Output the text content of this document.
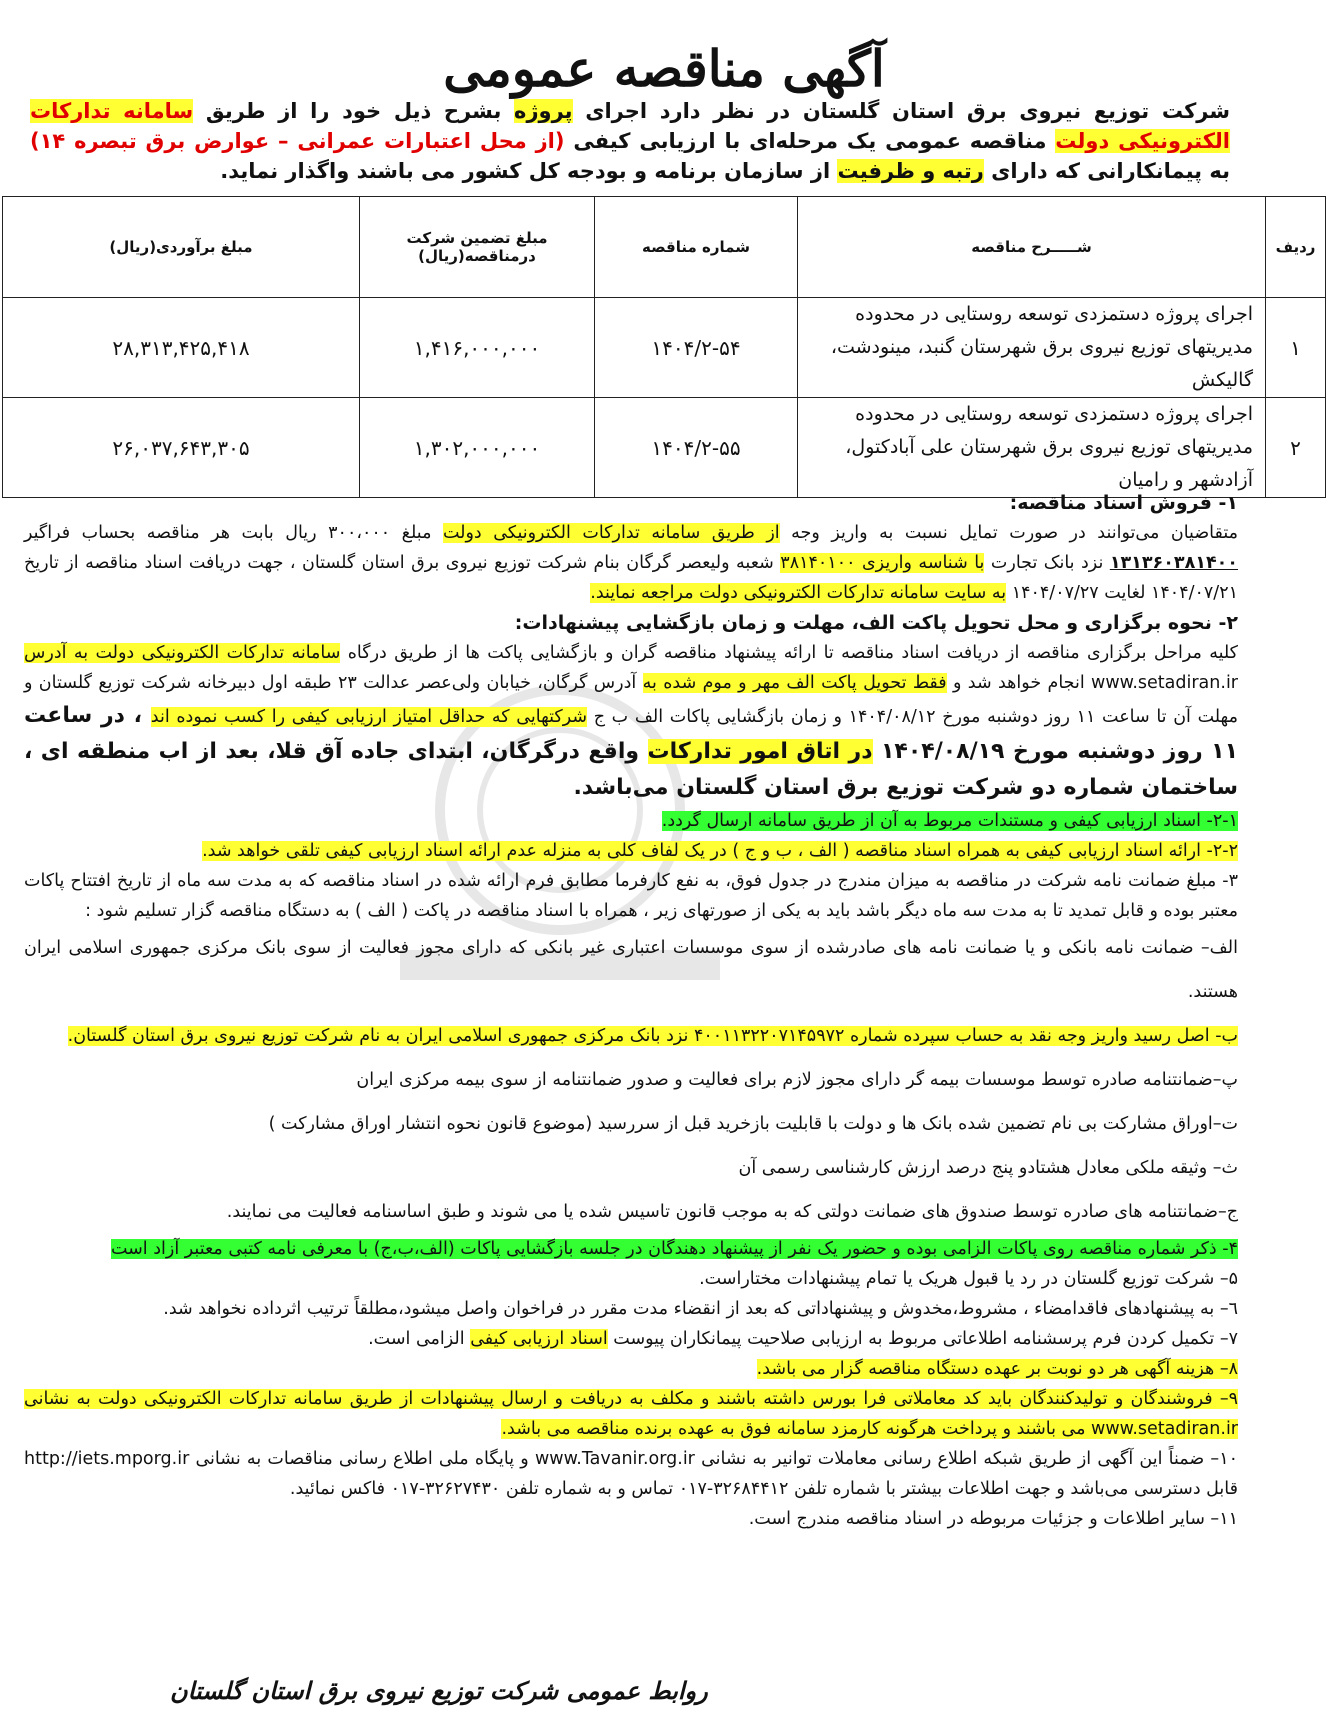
آگهی مناقصه عمومی
شرکت توزیع نیروی برق استان گلستان در نظر دارد اجرای پروژه بشرح ذیل خود را از طریق سامانه تدارکات الکترونیکی دولت مناقصه عمومی یک مرحله‌ای با ارزیابی کیفی (از محل اعتبارات عمرانی – عوارض برق تبصره ۱۴) به پیمانکارانی که دارای رتبه و ظرفیت از سازمان برنامه و بودجه کل کشور می باشند واگذار نماید.
ردیف	شـــــرح مناقصه	شماره مناقصه	مبلغ تضمین شرکت درمناقصه(ریال)	مبلغ برآوردی(ریال)
۱	اجرای پروژه دستمزدی توسعه روستایی در محدوده مدیریتهای توزیع نیروی برق شهرستان گنبد، مینودشت، گالیکش	۱۴۰۴/۲-۵۴	۱,۴۱۶,۰۰۰,۰۰۰	۲۸,۳۱۳,۴۲۵,۴۱۸
۲	اجرای پروژه دستمزدی توسعه روستایی در محدوده مدیریتهای توزیع نیروی برق شهرستان علی آبادکتول، آزادشهر و رامیان	۱۴۰۴/۲-۵۵	۱,۳۰۲,۰۰۰,۰۰۰	۲۶,۰۳۷,۶۴۳,۳۰۵

۱- فروش اسناد مناقصه:

متقاضیان می‌توانند در صورت تمایل نسبت به واریز وجه از طریق سامانه تدارکات الکترونیکی دولت مبلغ ۳۰۰،۰۰۰ ریال بابت هر مناقصه بحساب فراگیر ۱۳۱۳۶۰۳۸۱۴۰۰ نزد بانک تجارت با شناسه واریزی ۳۸۱۴۰۱۰۰ شعبه ولیعصر گرگان بنام شرکت توزیع نیروی برق استان گلستان ، جهت دریافت اسناد مناقصه از تاریخ ۱۴۰۴/۰۷/۲۱ لغایت ۱۴۰۴/۰۷/۲۷ به سایت سامانه تدارکات الکترونیکی دولت مراجعه نمایند.

۲- نحوه برگزاری و محل تحویل پاکت الف، مهلت و زمان بازگشایی پیشنهادات:

کلیه مراحل برگزاری مناقصه از دریافت اسناد مناقصه تا ارائه پیشنهاد مناقصه گران و بازگشایی پاکت ها از طریق درگاه سامانه تدارکات الکترونیکی دولت به آدرس www.setadiran.ir انجام خواهد شد و فقط تحویل پاکت الف مهر و موم شده به آدرس گرگان، خیابان ولی‌عصر عدالت ۲۳ طبقه اول دبیرخانه شرکت توزیع گلستان و مهلت آن تا ساعت ۱۱ روز دوشنبه مورخ ۱۴۰۴/۰۸/۱۲ و زمان بازگشایی پاکات الف ب ج شرکتهایی که حداقل امتیاز ارزیابی کیفی را کسب نموده اند ، در ساعت ۱۱ روز دوشنبه مورخ ۱۴۰۴/۰۸/۱۹ در اتاق امور تدارکات واقع درگرگان، ابتدای جاده آق قلا، بعد از اب منطقه ای ، ساختمان شماره دو شرکت توزیع برق استان گلستان می‌باشد.

۲-۱- اسناد ارزیابی کیفی و مستندات مربوط به آن از طریق سامانه ارسال گردد.

۲-۲- ارائه اسناد ارزیابی کیفی به همراه اسناد مناقصه ( الف ، ب و ج ) در یک لفاف کلی به منزله عدم ارائه اسناد ارزیابی کیفی تلقی خواهد شد.

۳- مبلغ ضمانت نامه شرکت در مناقصه به میزان مندرج در جدول فوق، به نفع کارفرما مطابق فرم ارائه شده در اسناد مناقصه که به مدت سه ماه از تاریخ افتتاح پاکات معتبر بوده و قابل تمدید تا به مدت سه ماه دیگر باشد باید به یکی از صورتهای زیر ، همراه با اسناد مناقصه در پاکت ( الف ) به دستگاه مناقصه گزار تسلیم شود :

الف– ضمانت نامه بانکی و یا ضمانت نامه های صادرشده از سوی موسسات اعتباری غیر بانکی که دارای مجوز فعالیت از سوی بانک مرکزی جمهوری اسلامی ایران هستند.

ب- اصل رسید واریز وجه نقد به حساب سپرده شماره ۴۰۰۱۱۳۲۲۰۷۱۴۵۹۷۲ نزد بانک مرکزی جمهوری اسلامی ایران به نام شرکت توزیع نیروی برق استان گلستان.

پ–ضمانتنامه صادره توسط موسسات بیمه گر دارای مجوز لازم برای فعالیت و صدور ضمانتنامه از سوی بیمه مرکزی ایران

ت–اوراق مشارکت بی نام تضمین شده بانک ها و دولت با قابلیت بازخرید قبل از سررسید (موضوع قانون نحوه انتشار اوراق مشارکت )

ث– وثیقه ملکی معادل هشتادو پنج درصد ارزش کارشناسی رسمی آن

ج–ضمانتنامه های صادره توسط صندوق های ضمانت دولتی که به موجب قانون تاسیس شده یا می شوند و طبق اساسنامه فعالیت می نمایند.

۴- ذکر شماره مناقصه روی پاکات الزامی بوده و حضور یک نفر از پیشنهاد دهندگان در جلسه بازگشایی پاکات (الف،ب،ج) با معرفی نامه کتبی معتبر آزاد است

۵– شرکت توزیع گلستان در رد یا قبول هریک یا تمام پیشنهادات مختاراست.

٦– به پیشنهادهای فاقدامضاء ، مشروط،مخدوش و پیشنهاداتی که بعد از انقضاء مدت مقرر در فراخوان واصل میشود،مطلقاً ترتیب اثرداده نخواهد شد.

۷– تکمیل کردن فرم پرسشنامه اطلاعاتی مربوط به ارزیابی صلاحیت پیمانکاران پیوست اسناد ارزیابی کیفی الزامی است.

۸– هزینه آگهی هر دو نوبت بر عهده دستگاه مناقصه گزار می باشد.

۹– فروشندگان و تولیدکنندگان باید کد معاملاتی فرا بورس داشته باشند و مکلف به دریافت و ارسال پیشنهادات از طریق سامانه تدارکات الکترونیکی دولت به نشانی www.setadiran.ir می باشند و پرداخت هرگونه کارمزد سامانه فوق به عهده برنده مناقصه می باشد.

۱۰– ضمناً این آگهی از طریق شبکه اطلاع رسانی معاملات توانیر به نشانی www.Tavanir.org.ir و پایگاه ملی اطلاع رسانی مناقصات به نشانی http://iets.mporg.ir قابل دسترسی می‌باشد و جهت اطلاعات بیشتر با شماره تلفن ۳۲۶۸۴۴۱۲-۰۱۷ تماس و به شماره تلفن ۳۲۶۲۷۴۳۰-۰۱۷ فاکس نمائید.

۱۱– سایر اطلاعات و جزئیات مربوطه در اسناد مناقصه مندرج است.

روابط عمومی شرکت توزیع نیروی برق استان گلستان
